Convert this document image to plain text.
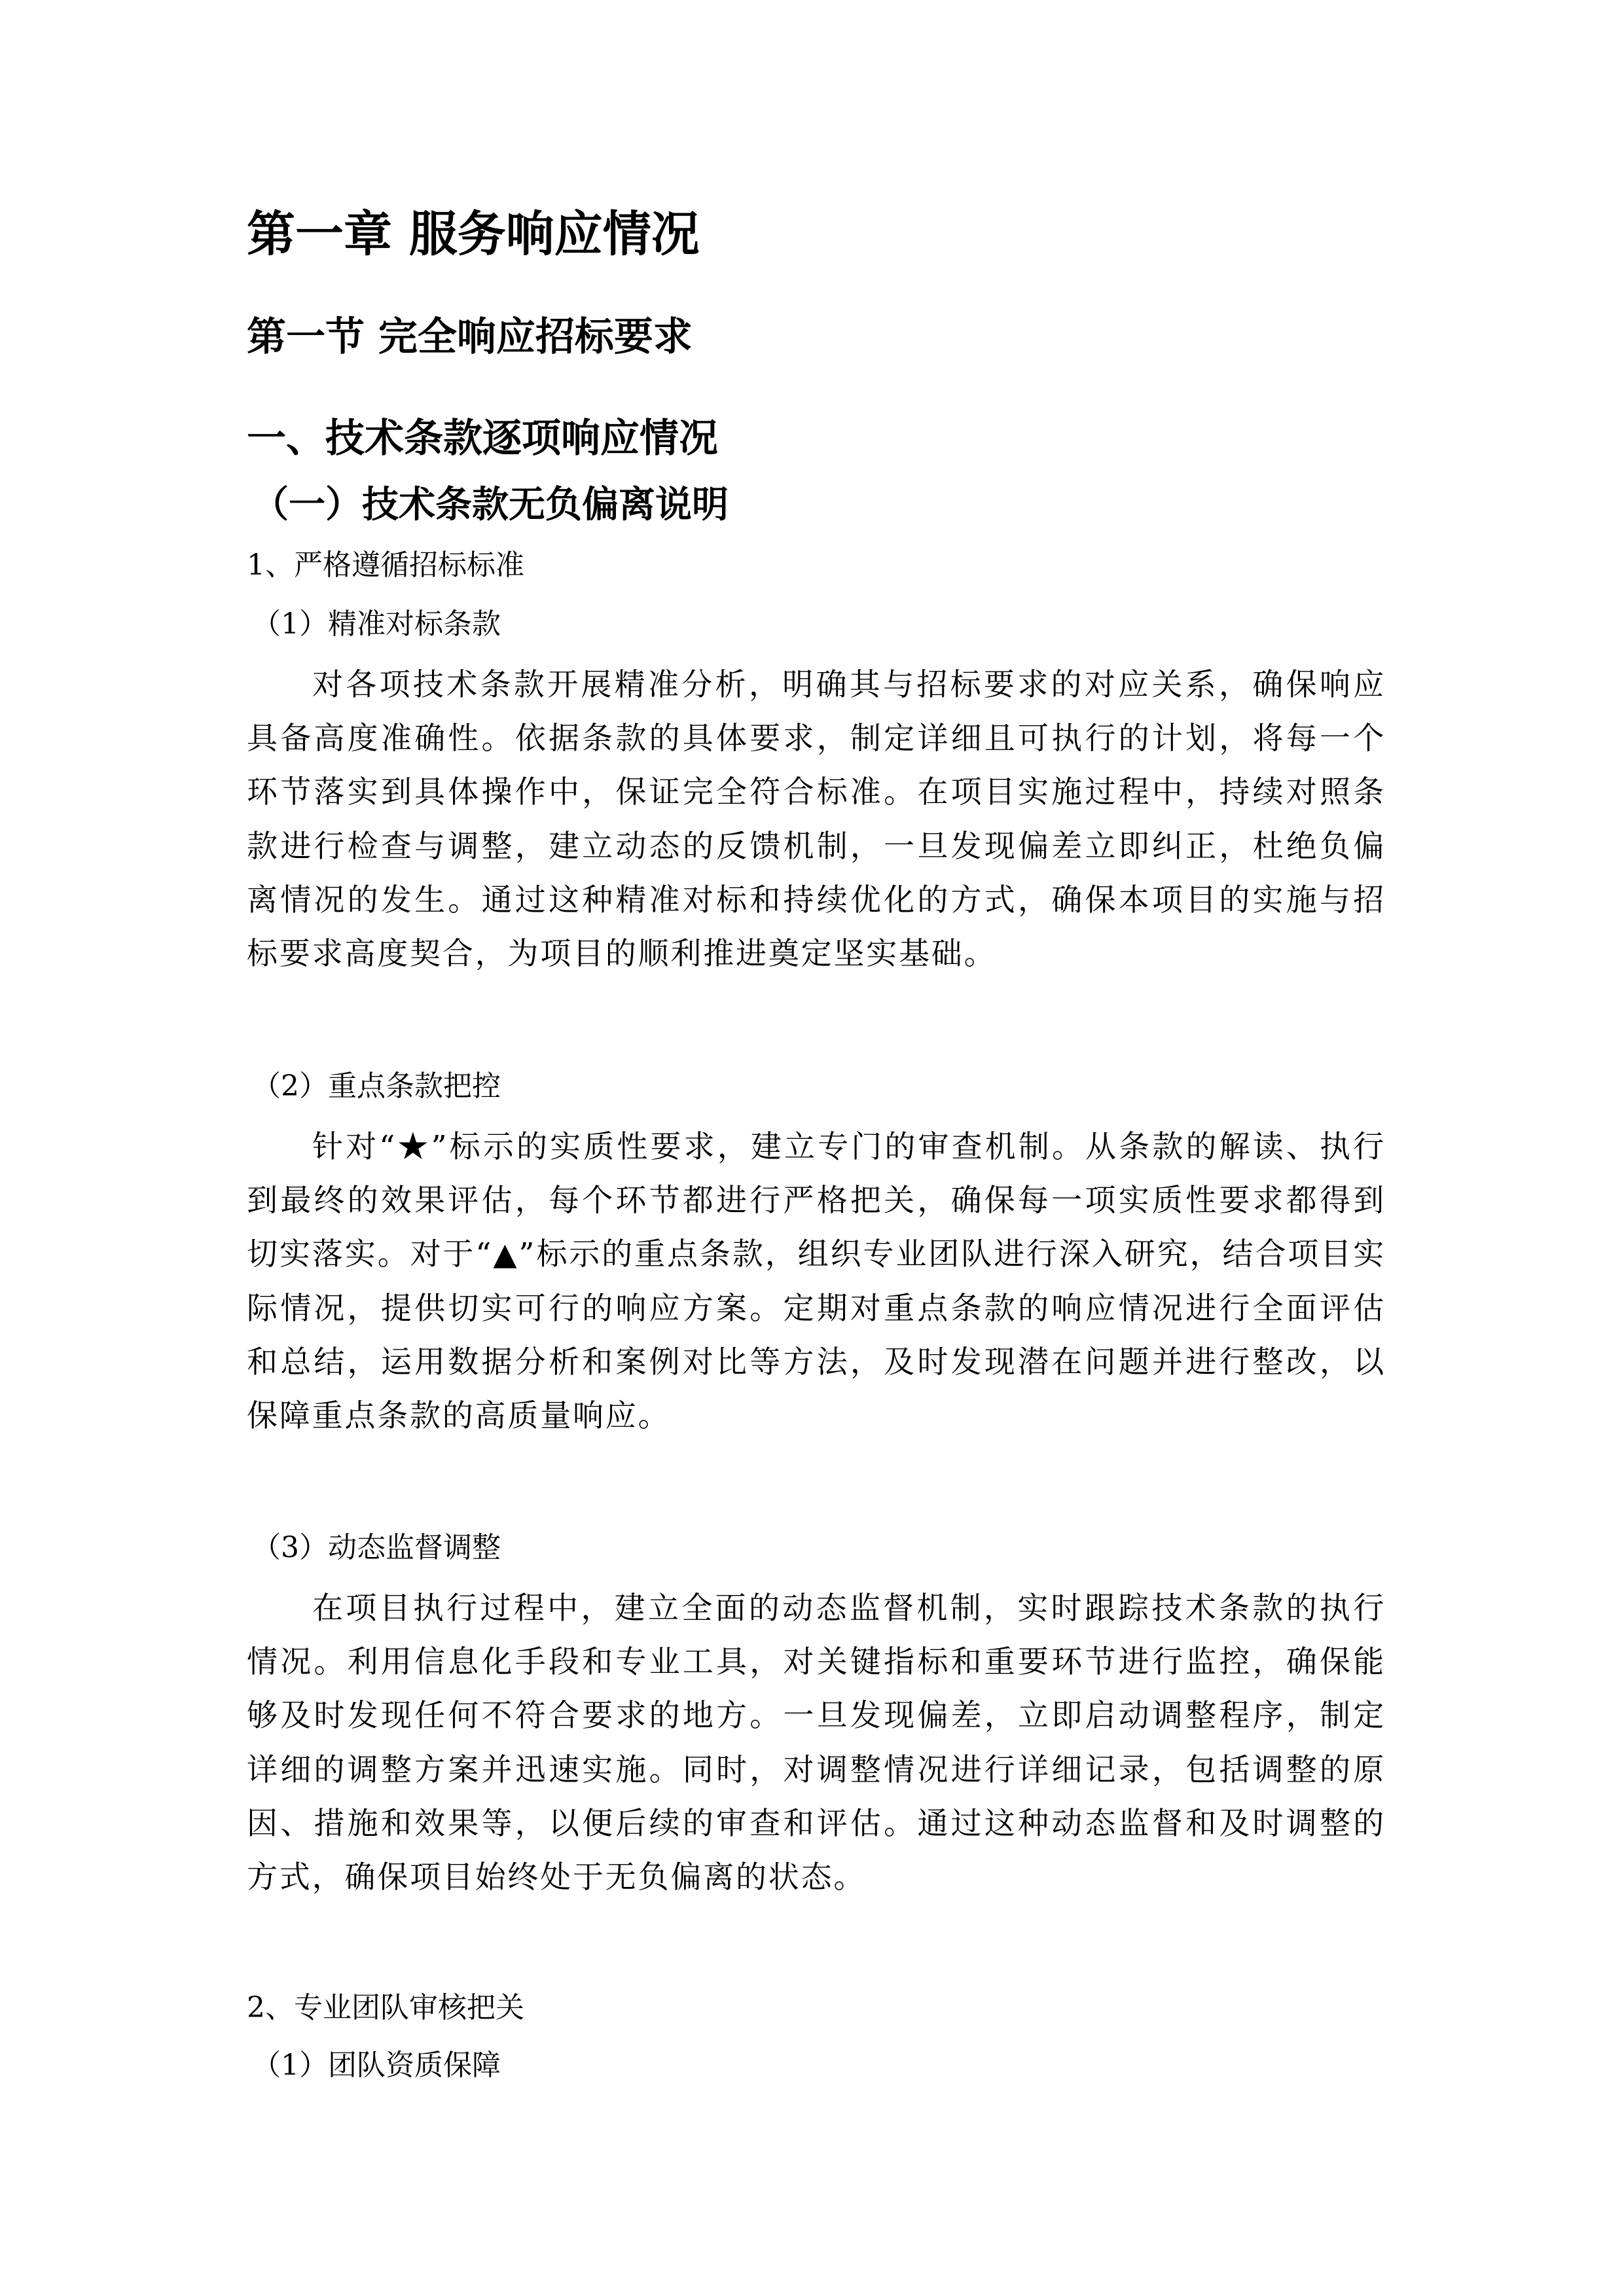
第一章 服务响应情况
第一节 完全响应招标要求
一、技术条款逐项响应情况
（一）技术条款无负偏离说明
1、严格遵循招标标准
（1）精准对标条款

对各项技术条款开展精准分析，明确其与招标要求的对应关系，确保响应具备高度准确性。依据条款的具体要求，制定详细且可执行的计划，将每一个环节落实到具体操作中，保证完全符合标准。在项目实施过程中，持续对照条款进行检查与调整，建立动态的反馈机制，一旦发现偏差立即纠正，杜绝负偏离情况的发生。通过这种精准对标和持续优化的方式，确保本项目的实施与招标要求高度契合，为项目的顺利推进奠定坚实基础。

（2）重点条款把控

针对“★”标示的实质性要求，建立专门的审查机制。从条款的解读、执行到最终的效果评估，每个环节都进行严格把关，确保每一项实质性要求都得到切实落实。对于“▲”标示的重点条款，组织专业团队进行深入研究，结合项目实际情况，提供切实可行的响应方案。定期对重点条款的响应情况进行全面评估和总结，运用数据分析和案例对比等方法，及时发现潜在问题并进行整改，以保障重点条款的高质量响应。

（3）动态监督调整

在项目执行过程中，建立全面的动态监督机制，实时跟踪技术条款的执行情况。利用信息化手段和专业工具，对关键指标和重要环节进行监控，确保能够及时发现任何不符合要求的地方。一旦发现偏差，立即启动调整程序，制定详细的调整方案并迅速实施。同时，对调整情况进行详细记录，包括调整的原因、措施和效果等，以便后续的审查和评估。通过这种动态监督和及时调整的方式，确保项目始终处于无负偏离的状态。

2、专业团队审核把关
（1）团队资质保障
